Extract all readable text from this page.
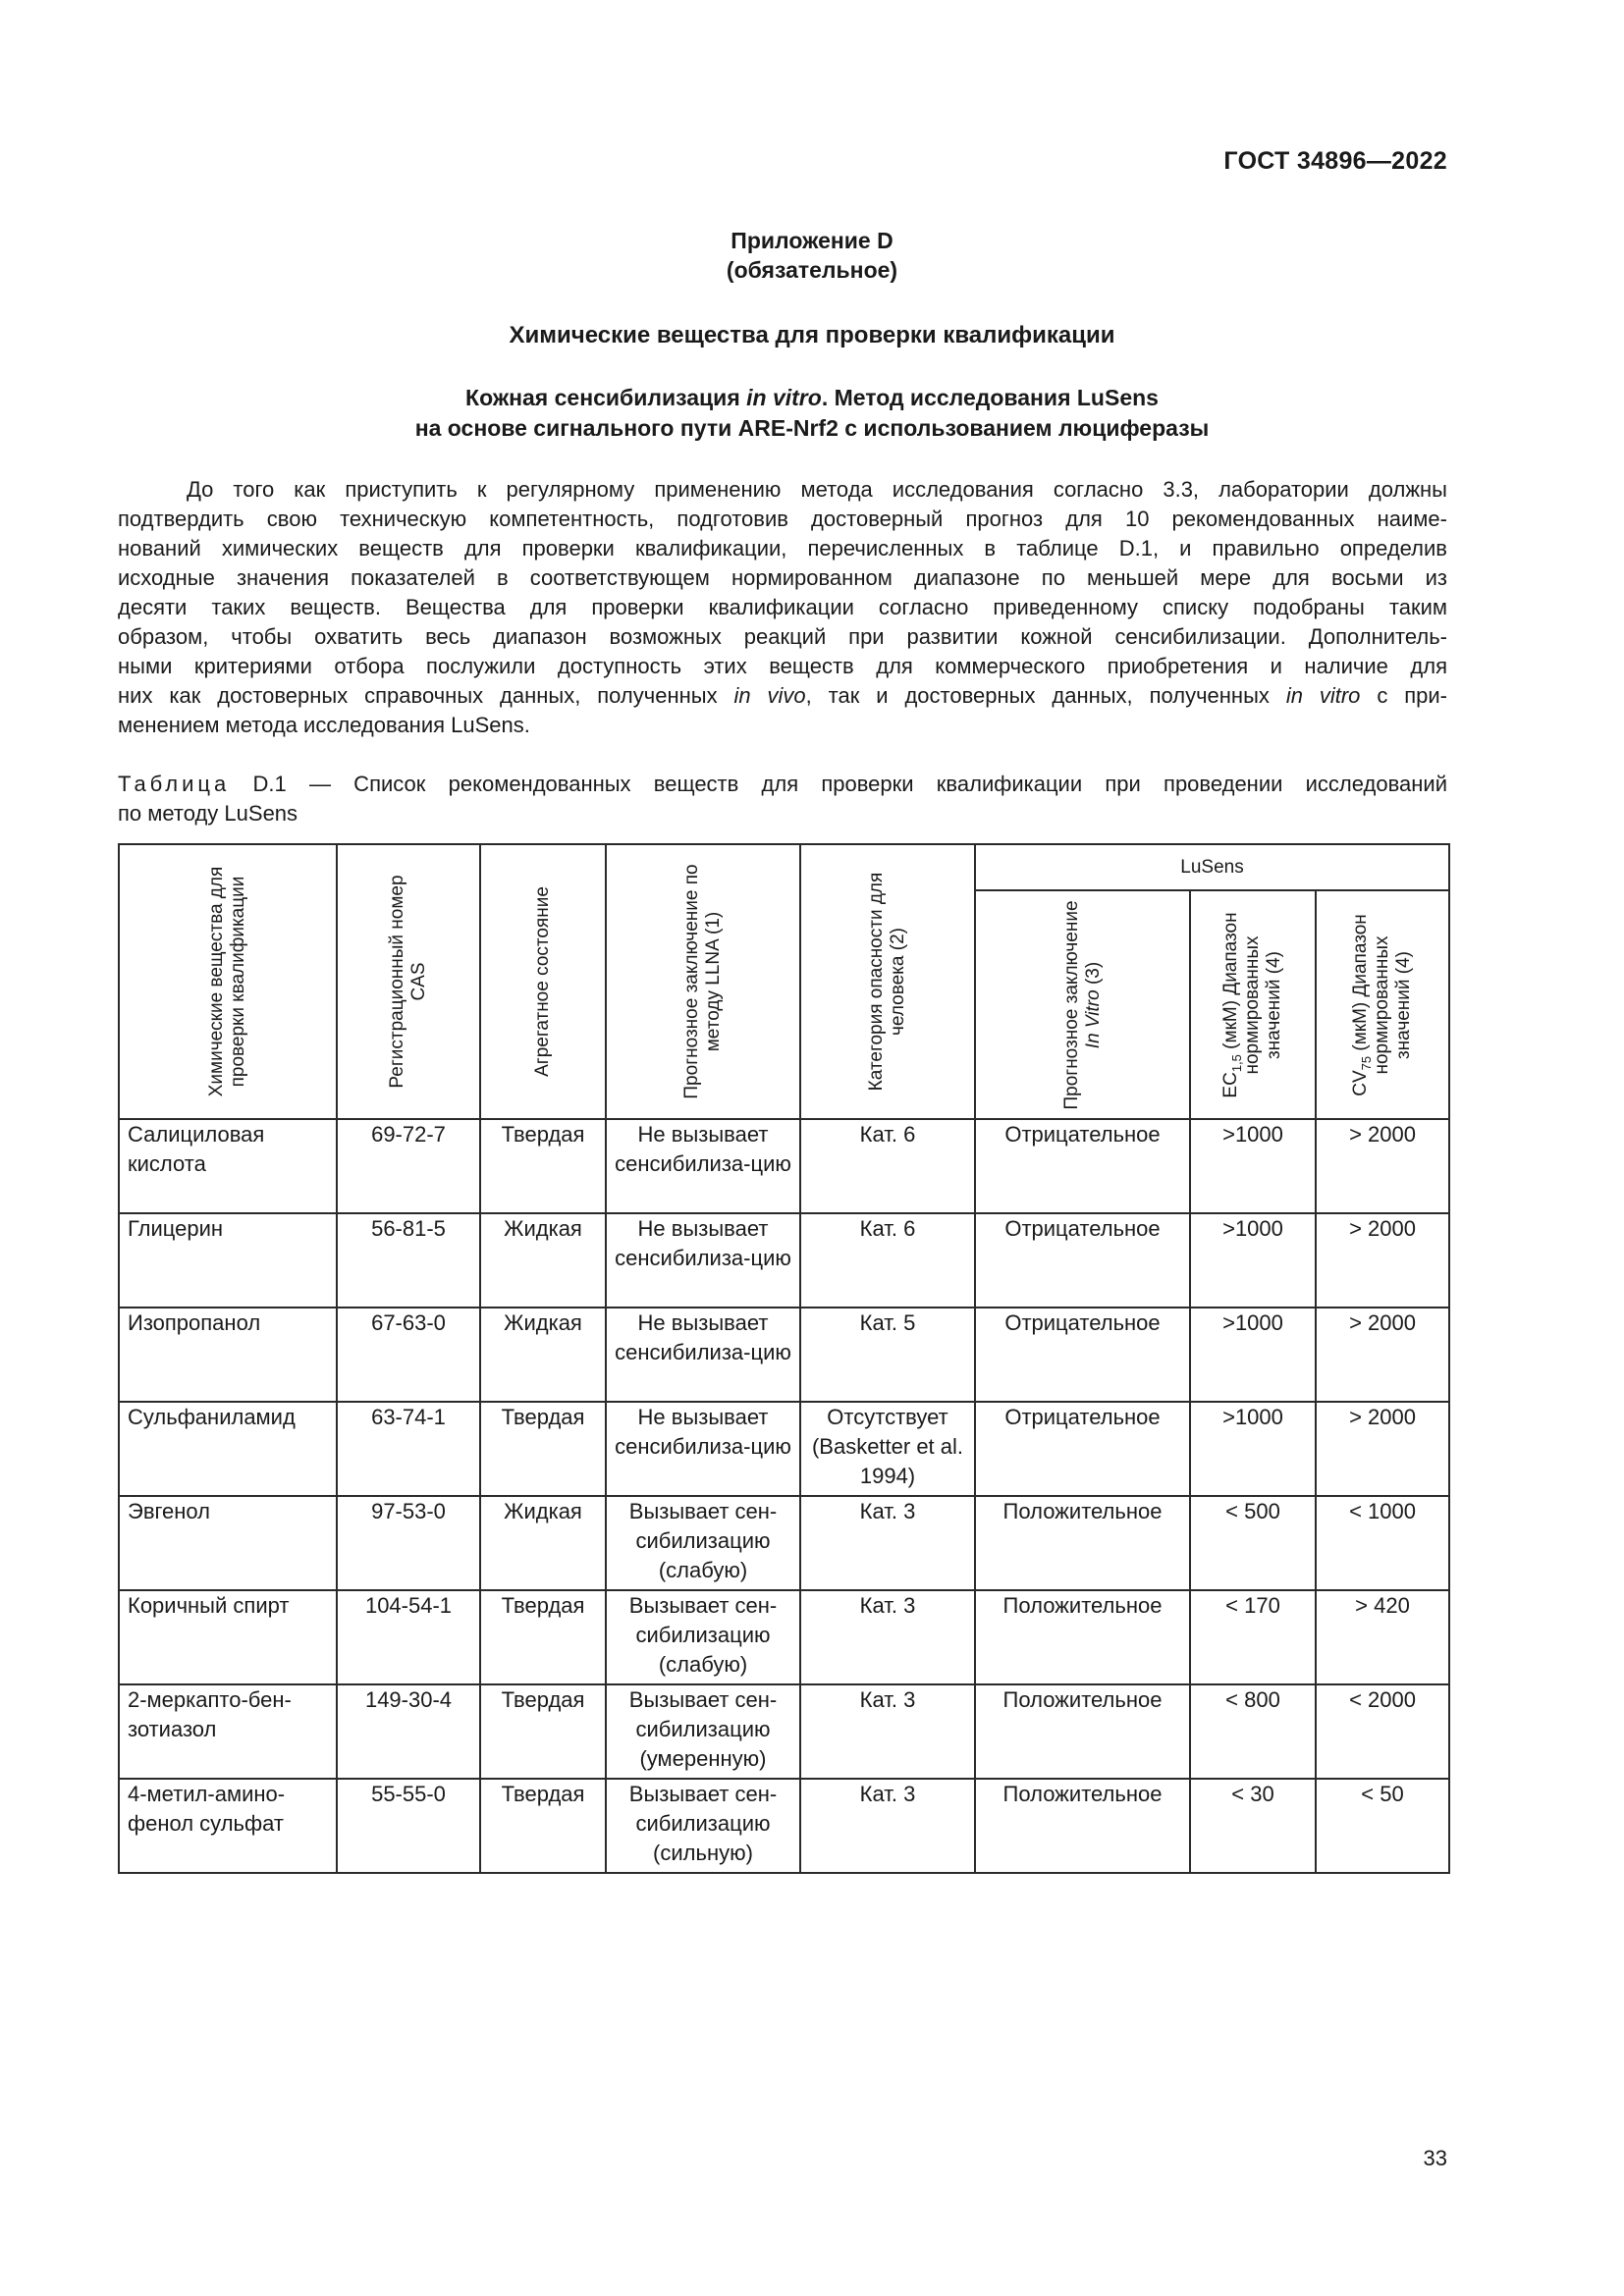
ГОСТ 34896—2022
Приложение D
(обязательное)
Химические вещества для проверки квалификации
Кожная сенсибилизация in vitro. Метод исследования LuSens
на основе сигнального пути ARE-Nrf2 с использованием люциферазы
До того как приступить к регулярному применению метода исследования согласно 3.3, лаборатории должны
подтвердить свою техническую компетентность, подготовив достоверный прогноз для 10 рекомендованных наиме-
нований химических веществ для проверки квалификации, перечисленных в таблице D.1, и правильно определив
исходные значения показателей в соответствующем нормированном диапазоне по меньшей мере для восьми из
десяти таких веществ. Вещества для проверки квалификации согласно приведенному списку подобраны таким
образом, чтобы охватить весь диапазон возможных реакций при развитии кожной сенсибилизации. Дополнитель-
ными критериями отбора послужили доступность этих веществ для коммерческого приобретения и наличие для
них как достоверных справочных данных, полученных in vivo, так и достоверных данных, полученных in vitro с при-
менением метода исследования LuSens.
Таблица D.1 — Список рекомендованных веществ для проверки квалификации при проведении исследований
по методу LuSens
Химические вещества для проверки квалификации	Регистрационный номер CAS	Агрегатное состояние	Прогнозное заключение по методу LLNA (1)	Категория опасности для человека (2)	LuSens		

					Прогнозное заключение In Vitro (3)	$EC_{1,5}$ (мкМ) Диапазон нормированных значений (4)	$CV_{75}$ (мкМ) Диапазон нормированных значений (4)

Салициловая кислота	69-72-7	Твердая	Не вызывает сенсибилиза-цию	Кат. 6	Отрицательное	>1000	> 2000
Глицерин	56-81-5	Жидкая	Не вызывает сенсибилиза-цию	Кат. 6	Отрицательное	>1000	> 2000
Изопропанол	67-63-0	Жидкая	Не вызывает сенсибилиза-цию	Кат. 5	Отрицательное	>1000	> 2000
Сульфаниламид	63-74-1	Твердая	Не вызывает сенсибилиза-цию	Отсутствует (Basketter et al. 1994)	Отрицательное	>1000	> 2000
Эвгенол	97-53-0	Жидкая	Вызывает сен-сибилизацию (слабую)	Кат. 3	Положительное	< 500	< 1000
Коричный спирт	104-54-1	Твердая	Вызывает сен-сибилизацию (слабую)	Кат. 3	Положительное	< 170	> 420
2-меркапто-бен-зотиазол	149-30-4	Твердая	Вызывает сен-сибилизацию (умеренную)	Кат. 3	Положительное	< 800	< 2000
4-метил-амино-фенол сульфат	55-55-0	Твердая	Вызывает сен-сибилизацию (сильную)	Кат. 3	Положительное	< 30	< 50
33
